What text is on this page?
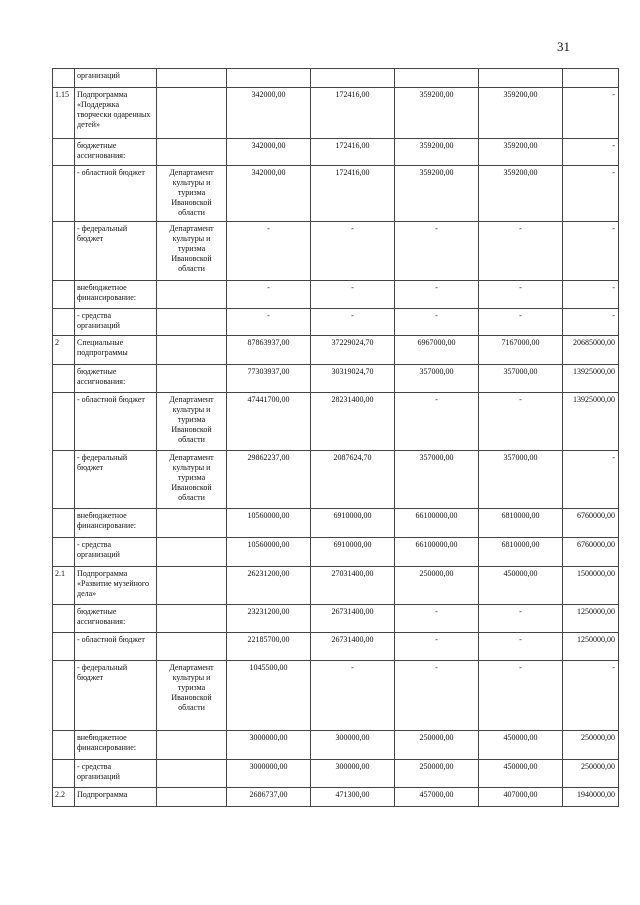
31
	организаций						
1.15	Подпрограмма «Поддержка творчески одаренных детей»		342000,00	172416,00	359200,00	359200,00	-
	бюджетные ассигнования:		342000,00	172416,00	359200,00	359200,00	-
	- областной бюджет	Департамент культуры и туризма Ивановской области	342000,00	172416,00	359200,00	359200,00	-
	- федеральный бюджет	Департамент культуры и туризма Ивановской области	-	-	-	-	-
	внебюджетное финансирование:		-	-	-	-	-
	- средства организаций		-	-	-	-	-
2	Специальные подпрограммы		87863937,00	37229024,70	6967000,00	7167000,00	20685000,00
	бюджетные ассигнования:		77303937,00	30319024,70	357000,00	357000,00	13925000,00
	- областной бюджет	Департамент культуры и туризма Ивановской области	47441700,00	28231400,00	-	-	13925000,00
	- федеральный бюджет	Департамент культуры и туризма Ивановской области	29862237,00	2087624,70	357000,00	357000,00	-
	внебюджетное финансирование:		10560000,00	6910000,00	66100000,00	6810000,00	6760000,00
	- средства организаций		10560000,00	6910000,00	66100000,00	6810000,00	6760000,00
2.1	Подпрограмма «Развитие музейного дела»		26231200,00	27031400,00	250000,00	450000,00	1500000,00
	бюджетные ассигнования:		23231200,00	26731400,00	-	-	1250000,00
	- областной бюджет		22185700,00	26731400,00	-	-	1250000,00
	- федеральный бюджет	Департамент культуры и туризма Ивановской области	1045500,00	-	-	-	-
	внебюджетное финансирование:		3000000,00	300000,00	250000,00	450000,00	250000,00
	- средства организаций		3000000,00	300000,00	250000,00	450000,00	250000,00
2.2	Подпрограмма		2686737,00	471300,00	457000,00	407000,00	1940000,00
